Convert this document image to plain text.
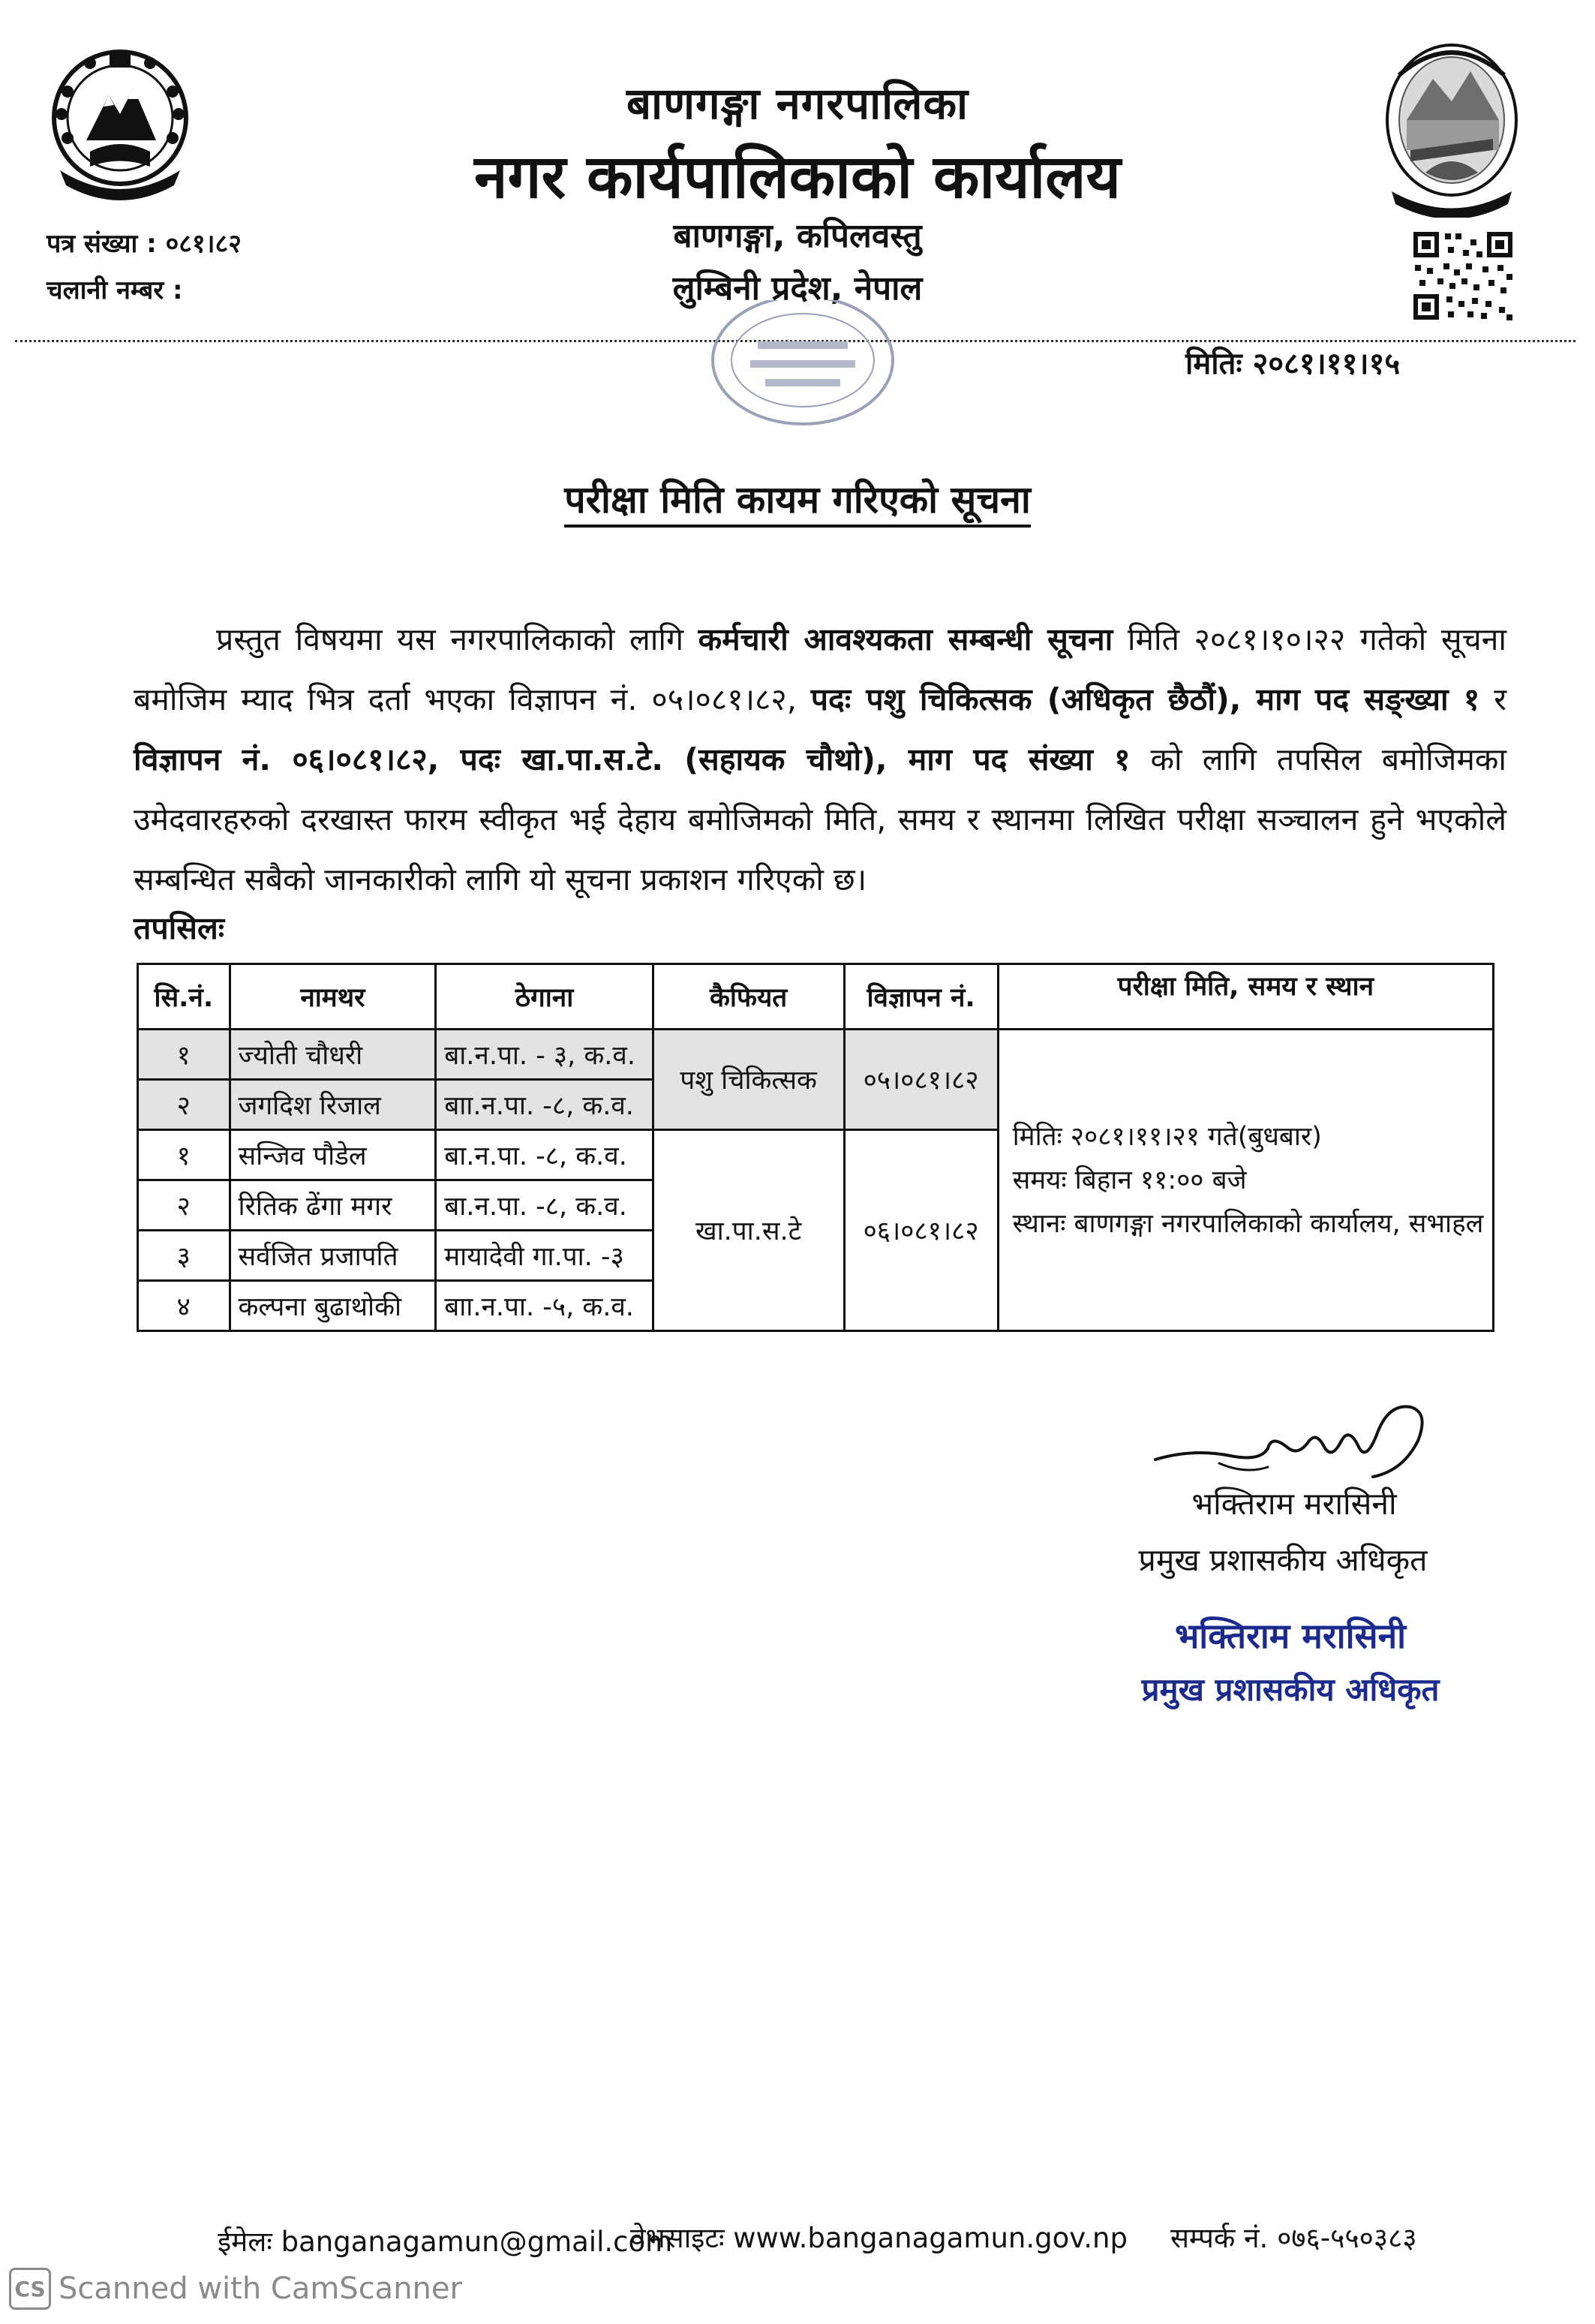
बाणगङ्गा नगरपालिका
नगर कार्यपालिकाको कार्यालय
बाणगङ्गा, कपिलवस्तु
लुम्बिनी प्रदेश, नेपाल
पत्र संख्या : ०८१।८२
चलानी नम्बर :
मितिः २०८१।११।१५
परीक्षा मिति कायम गरिएको सूचना
प्रस्तुत विषयमा यस नगरपालिकाको लागि कर्मचारी आवश्यकता सम्बन्धी सूचना मिति २०८१।१०।२२ गतेको सूचना बमोजिम म्याद भित्र दर्ता भएका विज्ञापन नं. ०५।०८१।८२, पदः पशु चिकित्सक (अधिकृत छैठौं), माग पद सङ्ख्या १ र विज्ञापन नं. ०६।०८१।८२, पदः खा.पा.स.टे. (सहायक चौथो), माग पद संख्या १ को लागि तपसिल बमोजिमका उमेदवारहरुको दरखास्त फारम स्वीकृत भई देहाय बमोजिमको मिति, समय र स्थानमा लिखित परीक्षा सञ्चालन हुने भएकोले सम्बन्धित सबैको जानकारीको लागि यो सूचना प्रकाशन गरिएको छ।
तपसिलः
सि.नं.	नामथर	ठेगाना	कैफियत	विज्ञापन नं.	परीक्षा मिति, समय र स्थान
१	ज्योती चौधरी	बा.न.पा. - ३, क.व.	पशु चिकित्सक	०५।०८१।८२	मितिः २०८१।११।२१ गते(बुधबार)
समयः बिहान ११:०० बजे
स्थानः बाणगङ्गा नगरपालिकाको कार्यालय, सभाहल

२	जगदिश रिजाल	बाा.न.पा. -८, क.व.			
१	सन्जिव पौडेल	बा.न.पा. -८, क.व.	खा.पा.स.टे	०६।०८१।८२	
२	रितिक ढेंगा मगर	बा.न.पा. -८, क.व.			
३	सर्वजित प्रजापति	मायादेवी गा.पा. -३			
४	कल्पना बुढाथोकी	बाा.न.पा. -५, क.व.			
भक्तिराम मरासिनी
प्रमुख प्रशासकीय अधिकृत
भक्तिराम मरासिनी
प्रमुख प्रशासकीय अधिकृत
ईमेलः banganagamun@gmail.com
वेभसाइटः www.banganagamun.gov.np सम्पर्क नं. ०७६-५५०३८३
CS Scanned with CamScanner
